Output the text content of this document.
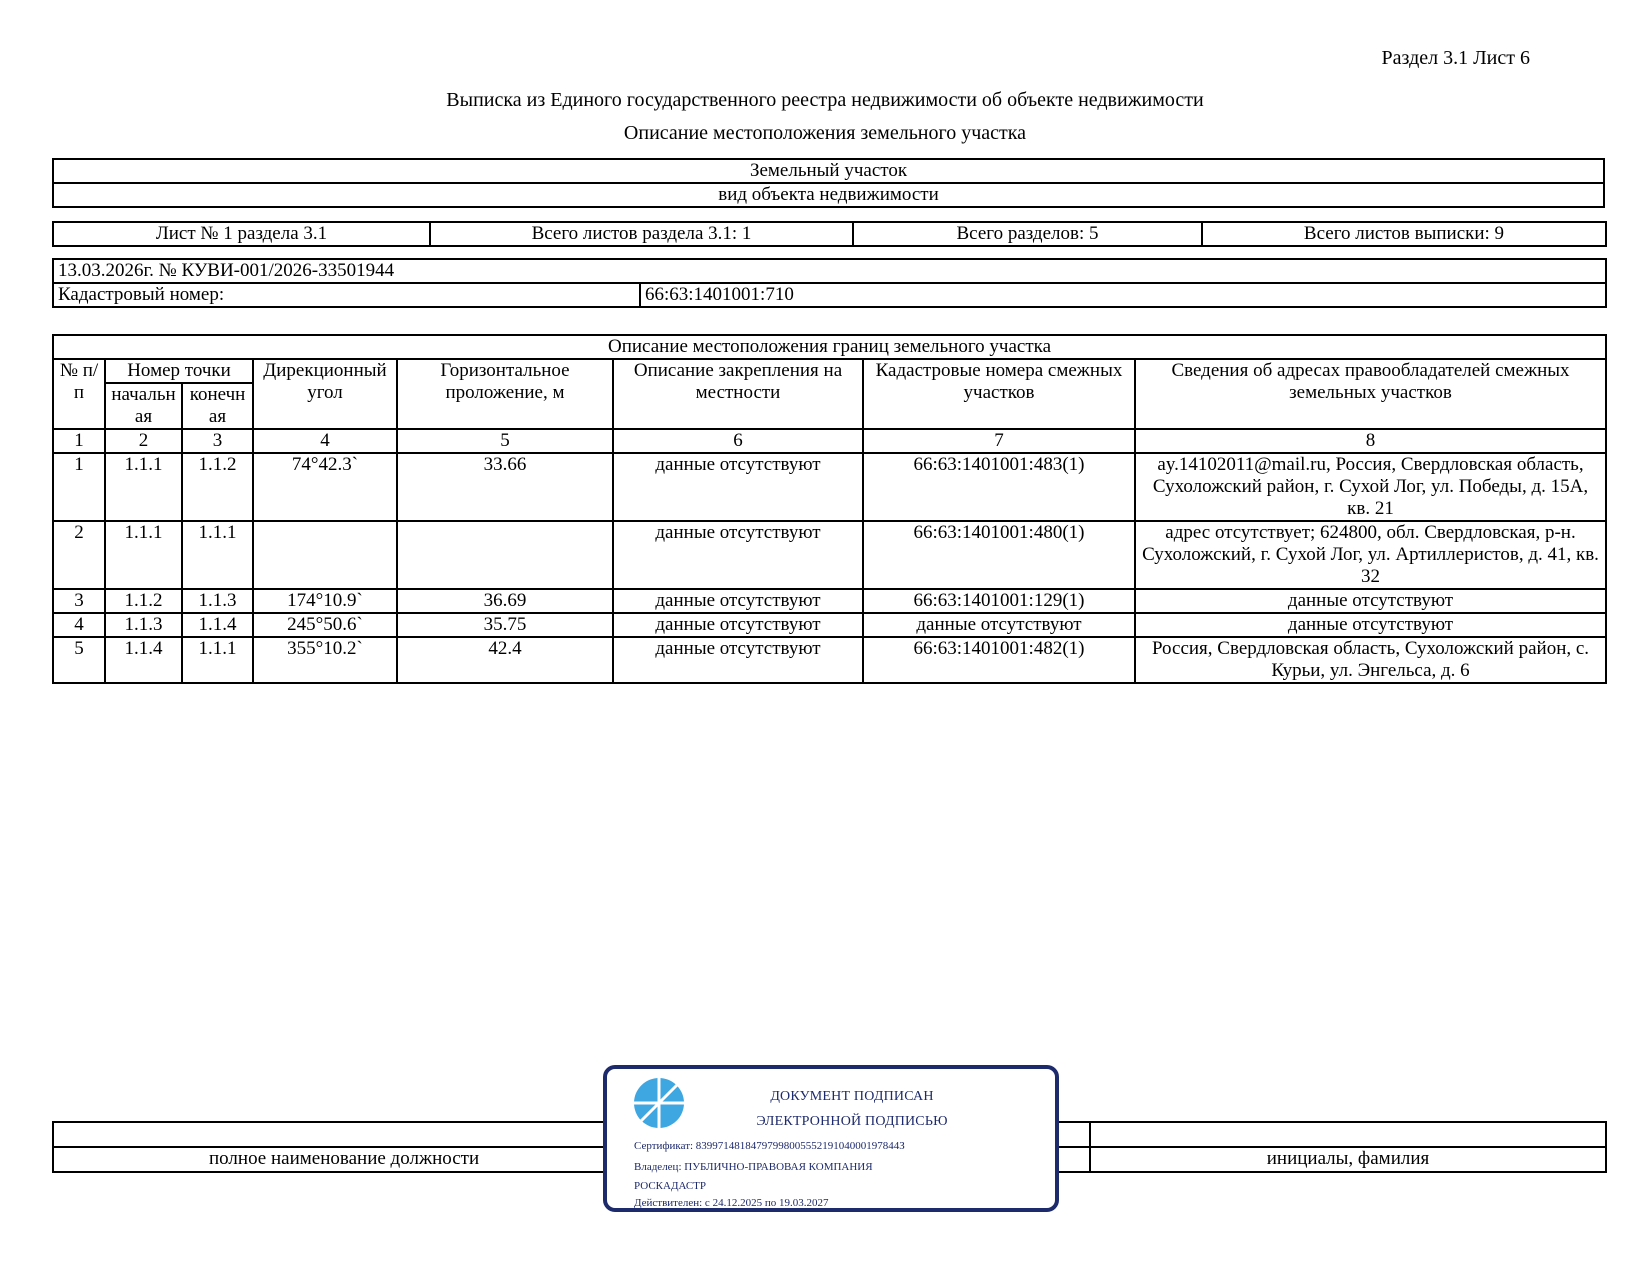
Раздел 3.1 Лист 6
Выписка из Единого государственного реестра недвижимости об объекте недвижимости
Описание местоположения земельного участка
Земельный участок
вид объекта недвижимости
Лист № 1 раздела 3.1	Всего листов раздела 3.1: 1	Всего разделов: 5	Всего листов выписки: 9
13.03.2026г. № КУВИ-001/2026-33501944
Кадастровый номер:	66:63:1401001:710
Описание местоположения границ земельного участка							
№ п/п	Номер точки		Дирекционный угол	Горизонтальное проложение, м	Описание закрепления на местности	Кадастровые номера смежных участков	Сведения об адресах правообладателей смежных земельных участков
	начальн ая	конечн ая					
1	2	3	4	5	6	7	8
1	1.1.1	1.1.2	74°42.3`	33.66	данные отсутствуют	66:63:1401001:483(1)	ay.14102011@mail.ru, Россия, Свердловская область, Сухоложский район, г. Сухой Лог, ул. Победы, д. 15А, кв. 21
2	1.1.1	1.1.1			данные отсутствуют	66:63:1401001:480(1)	адрес отсутствует; 624800, обл. Свердловская, р-н. Сухоложский, г. Сухой Лог, ул. Артиллеристов, д. 41, кв. 32
3	1.1.2	1.1.3	174°10.9`	36.69	данные отсутствуют	66:63:1401001:129(1)	данные отсутствуют
4	1.1.3	1.1.4	245°50.6`	35.75	данные отсутствуют	данные отсутствуют	данные отсутствуют
5	1.1.4	1.1.1	355°10.2`	42.4	данные отсутствуют	66:63:1401001:482(1)	Россия, Свердловская область, Сухоложский район, с. Курьи, ул. Энгельса, д. 6

полное наименование должности	инициалы, фамилия
ДОКУМЕНТ ПОДПИСАН
ЭЛЕКТРОННОЙ ПОДПИСЬЮ
Сертификат: 8399714818479799800555219104000197844З
Владелец: ПУБЛИЧНО-ПРАВОВАЯ КОМПАНИЯ
РОСКАДАСТР
Действителен: с 24.12.2025 по 19.03.2027
